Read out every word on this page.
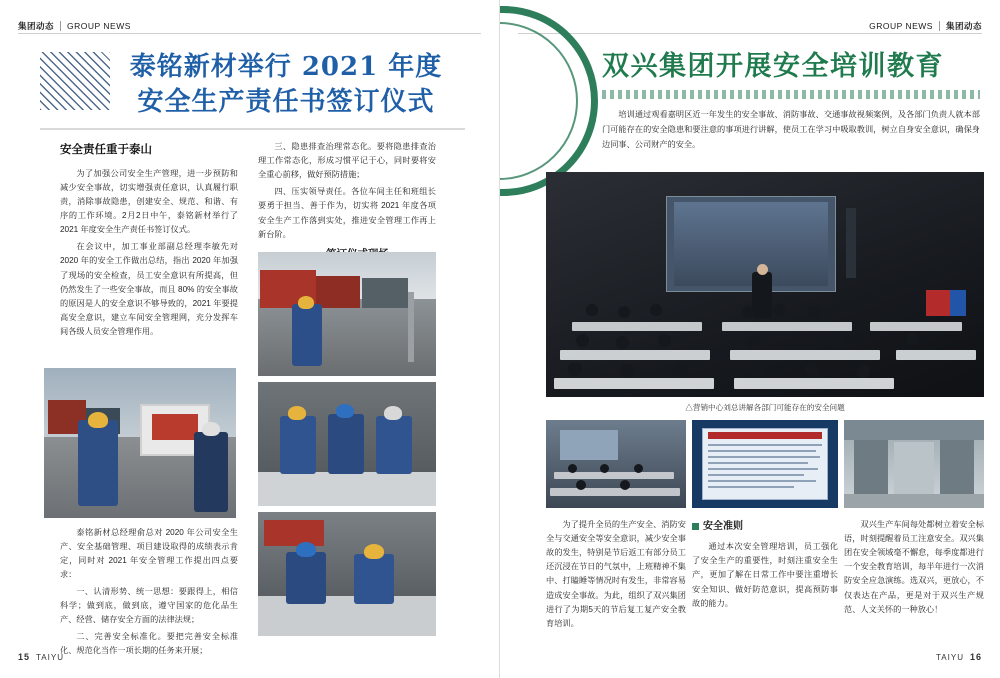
集团动态 GROUP NEWS
泰铭新材举行 2021 年度
安全生产责任书签订仪式
安全责任重于泰山

为了加强公司安全生产管理，进一步预防和减少安全事故，切实增强责任意识，认真履行职责，消除事故隐患，创建安全、规范、和谐、有序的工作环境。2月2日中午，泰铭新材举行了 2021 年度安全生产责任书签订仪式。

在会议中，加工事业部副总经理李敏先对 2020 年的安全工作做出总结，指出 2020 年加强了现场的安全检查，员工安全意识有所提高，但仍然发生了一些安全事故，而且 80% 的安全事故的原因是人的安全意识不够导致的，2021 年要提高安全意识，建立车间安全管理网，充分发挥车间各级人员安全管理作用。

三、隐患排查治理常态化。要将隐患排查治理工作常态化，形成习惯平记于心，同时要将安全重心前移，做好预防措施；

四、压实领导责任。各位车间主任和班组长要勇于担当、善于作为，切实将 2021 年度各项安全生产工作落到实处，推进安全管理工作再上新台阶。

泰铭新材总经理俞总对 2020 年公司安全生产、安全基础管理、项目建设取得的成绩表示肯定，同时对 2021 年安全管理工作提出四点要求：

一、认清形势、统一思想：要跟得上，相信科学；做到底，做到底，遵守国家的危化品生产、经营、储存安全方面的法律法规；

二、完善安全标准化。要把完善安全标准化、规范化当作一项长期的任务来开展；

15 TAIYU
GROUP NEWS 集团动态
双兴集团开展安全培训教育

培训通过观看嘉明区近一年发生的安全事故、消防事故、交通事故视频案例，及各部门负责人就本部门可能存在的安全隐患和要注意的事项进行讲解，使员工在学习中吸取教训，树立自身安全意识，确保身边同事、公司财产的安全。

△营销中心刘总讲解各部门可能存在的安全问题

为了提升全员的生产安全、消防安全与交通安全等安全意识，减少安全事故的发生，特别是节后返工有部分员工还沉浸在节日的气氛中，上班精神不集中、打瞌睡等情况时有发生，非常容易造成安全事故。为此，组织了双兴集团进行了为期5天的节后复工复产安全教育培训。

安全准则

通过本次安全管理培训，员工强化了安全生产的重要性，时刻注重安全生产，更加了解在日常工作中要注重增长安全知识、做好防范意识，提高预防事故的能力。

双兴生产车间每处都树立着安全标语，时刻提醒着员工注意安全。双兴集团在安全领域毫不懈怠，每季度都进行一个安全教育培训，每半年进行一次消防安全应急演练。选双兴，更放心，不仅表达在产品，更是对于双兴生产规范、人文关怀的一种放心！

TAIYU 16
